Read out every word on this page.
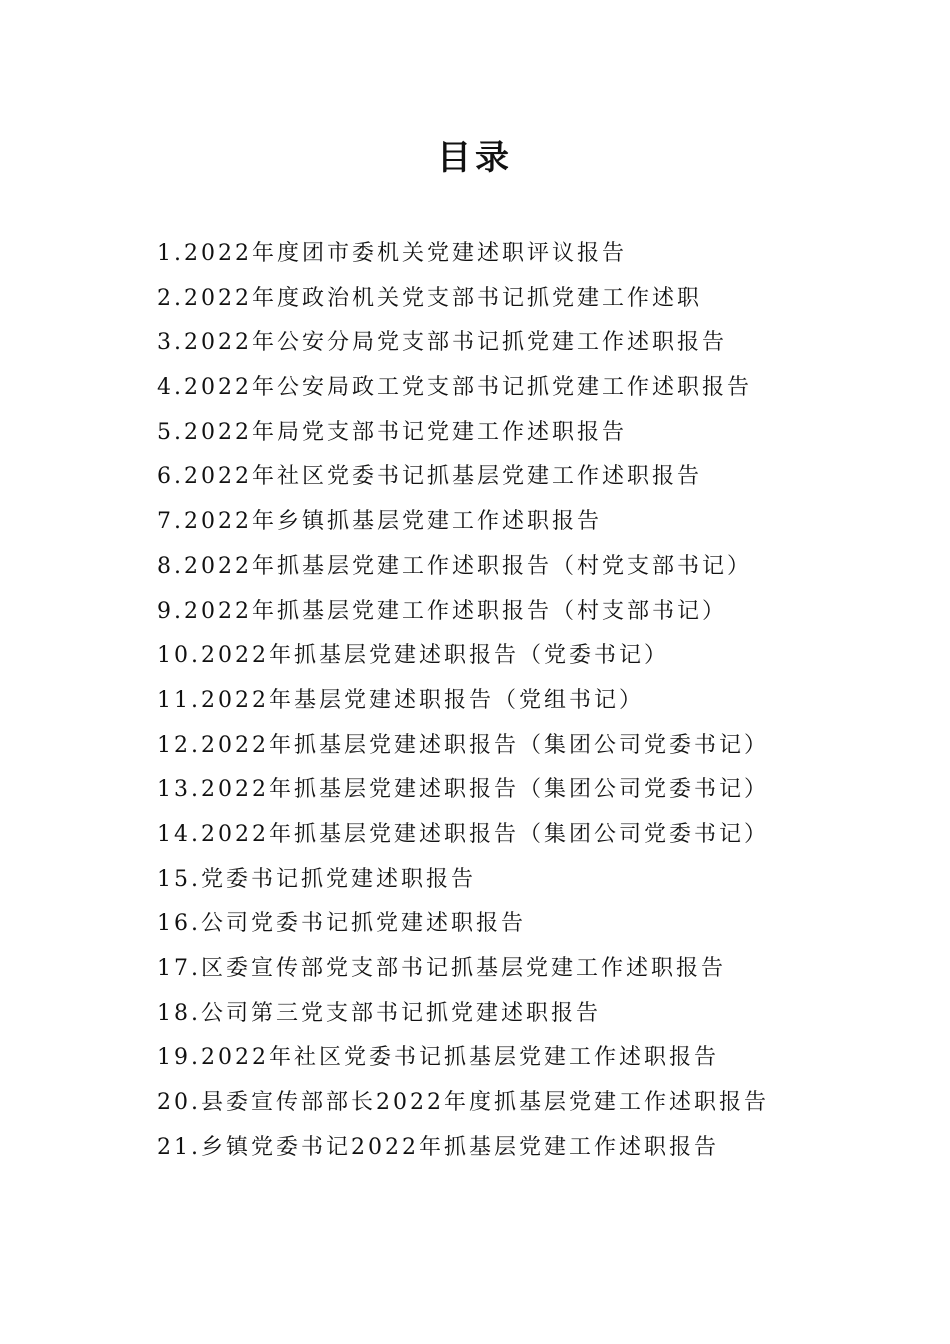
目录
1.2022年度团市委机关党建述职评议报告
2.2022年度政治机关党支部书记抓党建工作述职
3.2022年公安分局党支部书记抓党建工作述职报告
4.2022年公安局政工党支部书记抓党建工作述职报告
5.2022年局党支部书记党建工作述职报告
6.2022年社区党委书记抓基层党建工作述职报告
7.2022年乡镇抓基层党建工作述职报告
8.2022年抓基层党建工作述职报告（村党支部书记）
9.2022年抓基层党建工作述职报告（村支部书记）
10.2022年抓基层党建述职报告（党委书记）
11.2022年基层党建述职报告（党组书记）
12.2022年抓基层党建述职报告（集团公司党委书记）
13.2022年抓基层党建述职报告（集团公司党委书记）
14.2022年抓基层党建述职报告（集团公司党委书记）
15.党委书记抓党建述职报告
16.公司党委书记抓党建述职报告
17.区委宣传部党支部书记抓基层党建工作述职报告
18.公司第三党支部书记抓党建述职报告
19.2022年社区党委书记抓基层党建工作述职报告
20.县委宣传部部长2022年度抓基层党建工作述职报告
21.乡镇党委书记2022年抓基层党建工作述职报告
